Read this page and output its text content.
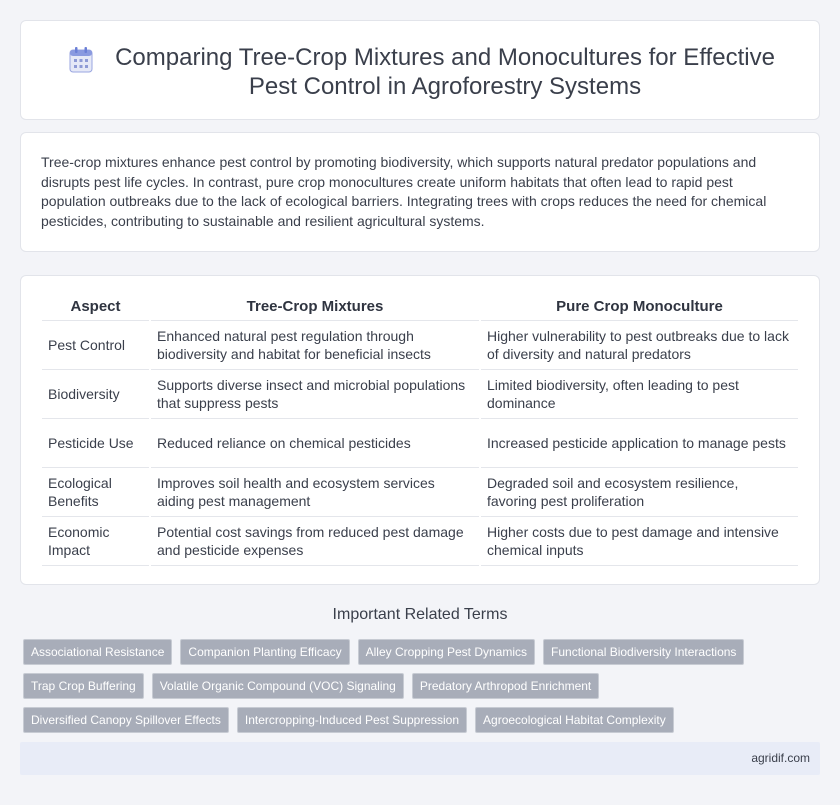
Comparing Tree-Crop Mixtures and Monocultures for Effective Pest Control in Agroforestry Systems

Tree-crop mixtures enhance pest control by promoting biodiversity, which supports natural predator populations and disrupts pest life cycles. In contrast, pure crop monocultures create uniform habitats that often lead to rapid pest population outbreaks due to the lack of ecological barriers. Integrating trees with crops reduces the need for chemical pesticides, contributing to sustainable and resilient agricultural systems.

Aspect	Tree-Crop Mixtures	Pure Crop Monoculture
Pest Control	Enhanced natural pest regulation through biodiversity and habitat for beneficial insects	Higher vulnerability to pest outbreaks due to lack of diversity and natural predators
Biodiversity	Supports diverse insect and microbial populations that suppress pests	Limited biodiversity, often leading to pest dominance
Pesticide Use	Reduced reliance on chemical pesticides	Increased pesticide application to manage pests
Ecological Benefits	Improves soil health and ecosystem services aiding pest management	Degraded soil and ecosystem resilience, favoring pest proliferation
Economic Impact	Potential cost savings from reduced pest damage and pesticide expenses	Higher costs due to pest damage and intensive chemical inputs
Important Related Terms
Associational Resistance	Companion Planting Efficacy	Alley Cropping Pest Dynamics	Functional Biodiversity Interactions
Trap Crop Buffering	Volatile Organic Compound (VOC) Signaling	Predatory Arthropod Enrichment
Diversified Canopy Spillover Effects	Intercropping-Induced Pest Suppression	Agroecological Habitat Complexity
agridif.com
